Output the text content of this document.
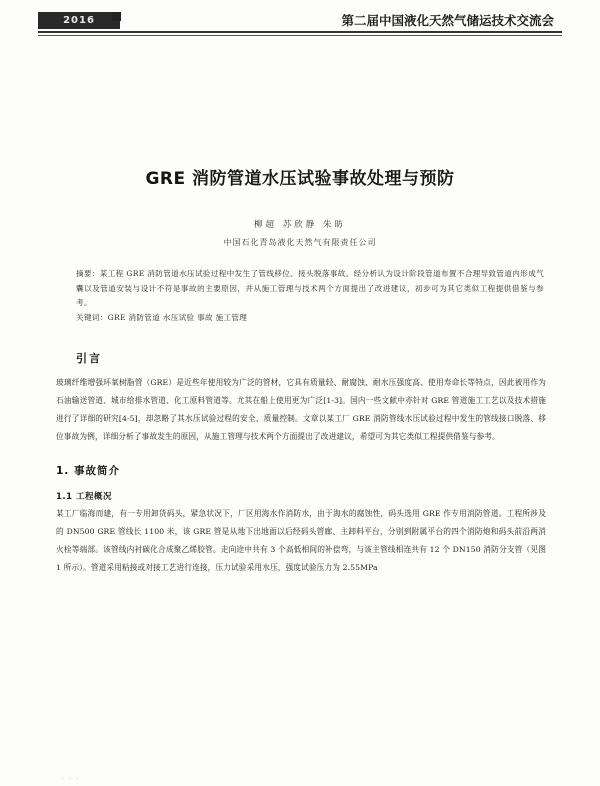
2016	第二届中国液化天然气储运技术交流会
GRE 消防管道水压试验事故处理与预防
柳超 苏欣静 朱昉
中国石化青岛液化天然气有限责任公司
摘要：某工程 GRE 消防管道水压试验过程中发生了管线移位、接头脱落事故。经分析认为设计阶段管道布置不合理导致管道内形成气囊以及管道安装与设计不符是事故的主要原因，并从施工管理与技术两个方面提出了改进建议，初步可为其它类似工程提供借鉴与参考。
关键词：GRE 消防管道 水压试验 事故 施工管理
引言
玻璃纤维增强环氧树脂管（GRE）是近些年使用较为广泛的管材，它具有质量轻、耐腐蚀、耐水压强度高、使用寿命长等特点，因此被用作为石油输送管道、城市给排水管道、化工原料管道等。尤其在船上使用更为广泛[1-3]。国内一些文献中亦针对 GRE 管道施工工艺以及技术措施进行了详细的研究[4-5]，却忽略了其水压试验过程的安全、质量控制。文章以某工厂 GRE 消防管线水压试验过程中发生的管线接口脱落、移位事故为例，详细分析了事故发生的原因，从施工管理与技术两个方面提出了改进建议，希望可为其它类似工程提供借鉴与参考。
1. 事故简介
1.1 工程概况
某工厂临海而建，有一专用卸货码头，紧急状况下，厂区用海水作消防水，由于海水的腐蚀性，码头选用 GRE 作专用消防管道。工程所涉及的 DN500 GRE 管线长 1100 米，该 GRE 管是从地下出地面以后经码头管廊、主卸料平台，分别到附属平台的四个消防炮和码头前沿两消火栓等端部。该管线内衬碳化合成聚乙烯胶管。走向途中共有 3 个高低相间的补偿弯，与该主管线相连共有 12 个 DN150 消防分支管（见图 1 所示）。管道采用粘接或对接工艺进行连接，压力试验采用水压，强度试验压力为 2.55MPa
· · ·
